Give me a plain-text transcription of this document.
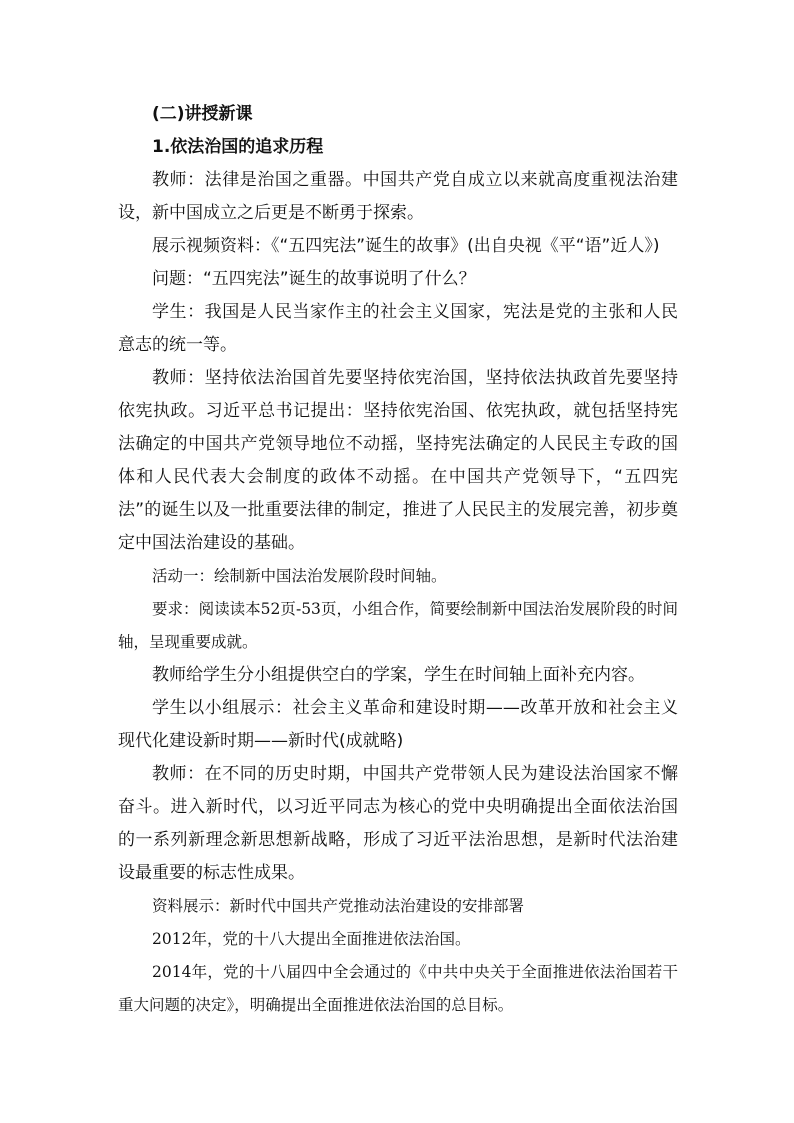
(二)讲授新课

1.依法治国的追求历程

教师：法律是治国之重器。中国共产党自成立以来就高度重视法治建设，新中国成立之后更是不断勇于探索。

展示视频资料：《“五四宪法”诞生的故事》(出自央视《平“语”近人》)

问题：“五四宪法”诞生的故事说明了什么？

学生：我国是人民当家作主的社会主义国家，宪法是党的主张和人民意志的统一等。

教师：坚持依法治国首先要坚持依宪治国，坚持依法执政首先要坚持依宪执政。习近平总书记提出：坚持依宪治国、依宪执政，就包括坚持宪法确定的中国共产党领导地位不动摇，坚持宪法确定的人民民主专政的国体和人民代表大会制度的政体不动摇。在中国共产党领导下，“五四宪法”的诞生以及一批重要法律的制定，推进了人民民主的发展完善，初步奠定中国法治建设的基础。

活动一：绘制新中国法治发展阶段时间轴。

要求：阅读读本52页-53页，小组合作，简要绘制新中国法治发展阶段的时间轴，呈现重要成就。

教师给学生分小组提供空白的学案，学生在时间轴上面补充内容。

学生以小组展示：社会主义革命和建设时期——改革开放和社会主义现代化建设新时期——新时代(成就略)

教师：在不同的历史时期，中国共产党带领人民为建设法治国家不懈奋斗。进入新时代，以习近平同志为核心的党中央明确提出全面依法治国的一系列新理念新思想新战略，形成了习近平法治思想，是新时代法治建设最重要的标志性成果。

资料展示：新时代中国共产党推动法治建设的安排部署

2012年，党的十八大提出全面推进依法治国。

2014年，党的十八届四中全会通过的《中共中央关于全面推进依法治国若干重大问题的决定》，明确提出全面推进依法治国的总目标。
